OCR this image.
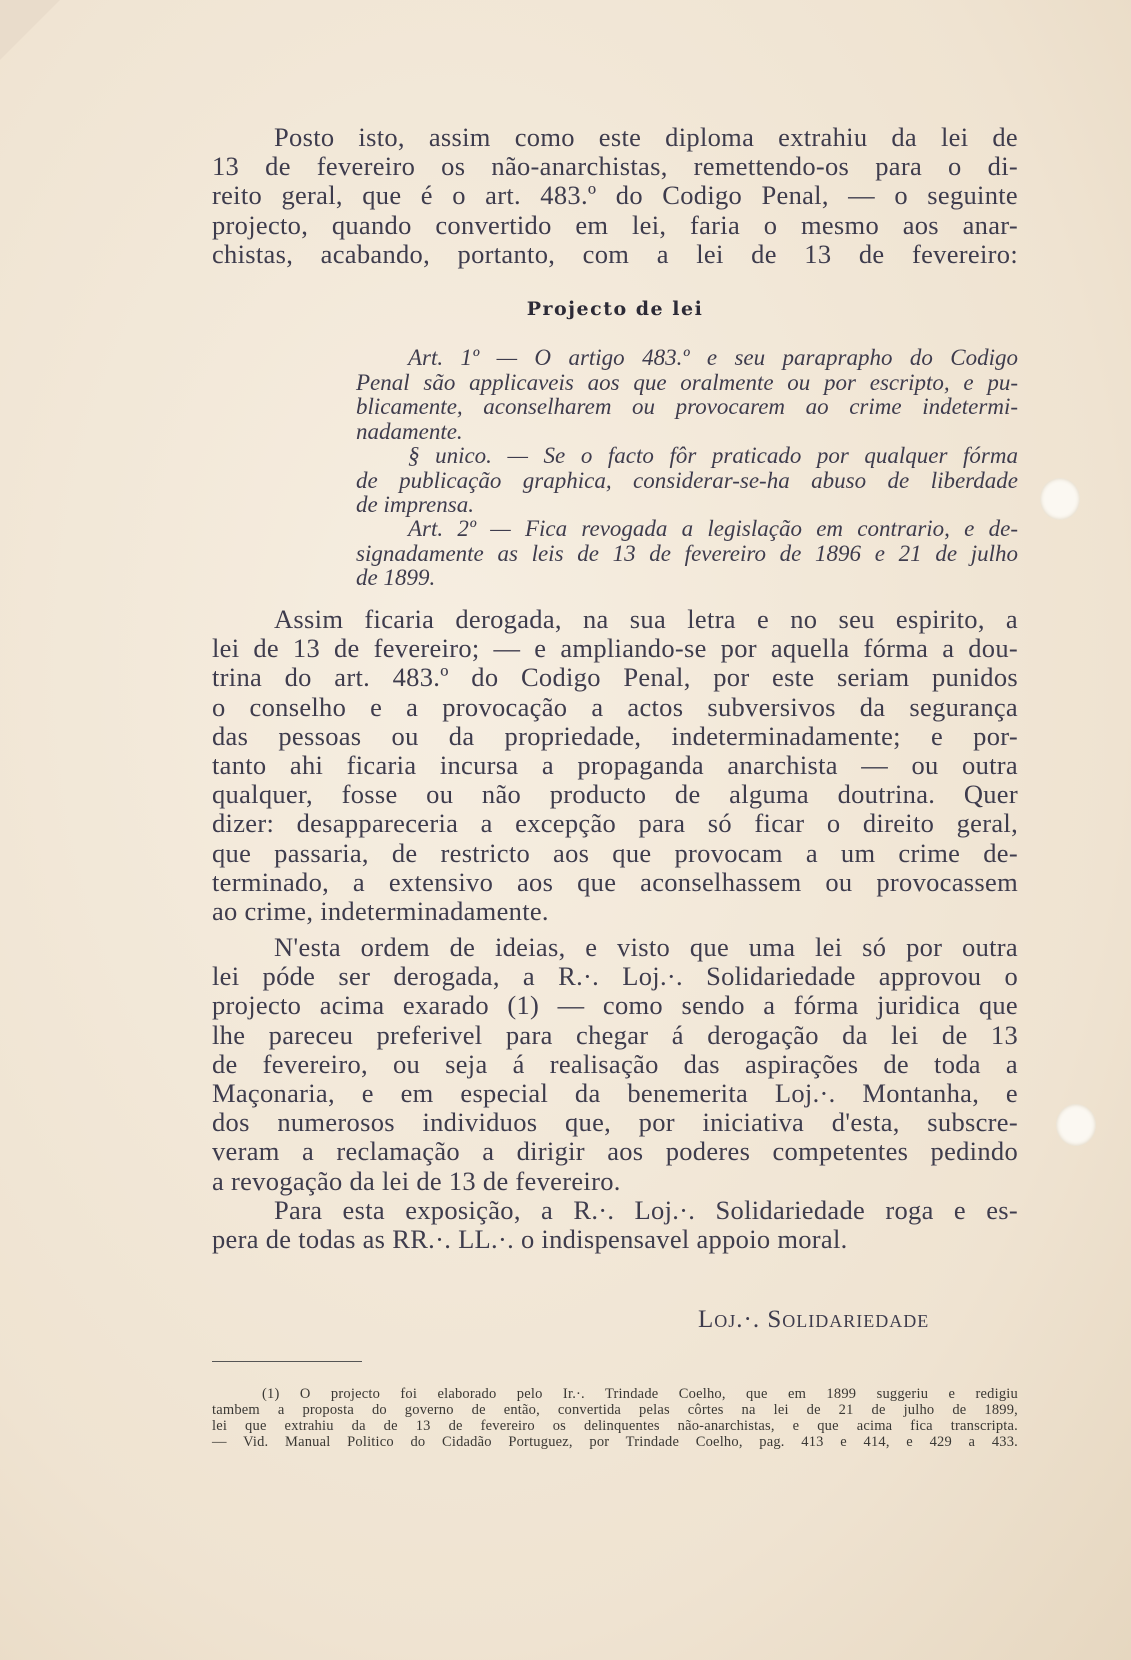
Posto isto, assim como este diploma extrahiu da lei de

13 de fevereiro os não-anarchistas, remettendo-os para o di-

reito geral, que é o art. 483.º do Codigo Penal, — o seguinte

projecto, quando convertido em lei, faria o mesmo aos anar-

chistas, acabando, portanto, com a lei de 13 de fevereiro:

Projecto de lei

Art. 1º — O artigo 483.º e seu paraprapho do Codigo

Penal são applicaveis aos que oralmente ou por escripto, e pu-

blicamente, aconselharem ou provocarem ao crime indetermi-

nadamente.

§ unico. — Se o facto fôr praticado por qualquer fórma

de publicação graphica, considerar-se-ha abuso de liberdade

de imprensa.

Art. 2º — Fica revogada a legislação em contrario, e de-

signadamente as leis de 13 de fevereiro de 1896 e 21 de julho

de 1899.

Assim ficaria derogada, na sua letra e no seu espirito, a

lei de 13 de fevereiro; — e ampliando-se por aquella fórma a dou-

trina do art. 483.º do Codigo Penal, por este seriam punidos

o conselho e a provocação a actos subversivos da segurança

das pessoas ou da propriedade, indeterminadamente; e por-

tanto ahi ficaria incursa a propaganda anarchista — ou outra

qualquer, fosse ou não producto de alguma doutrina. Quer

dizer: desappareceria a excepção para só ficar o direito geral,

que passaria, de restricto aos que provocam a um crime de-

terminado, a extensivo aos que aconselhassem ou provocassem

ao crime, indeterminadamente.

N'esta ordem de ideias, e visto que uma lei só por outra

lei póde ser derogada, a R.·. Loj.·. Solidariedade approvou o

projecto acima exarado (1) — como sendo a fórma juridica que

lhe pareceu preferivel para chegar á derogação da lei de 13

de fevereiro, ou seja á realisação das aspirações de toda a

Maçonaria, e em especial da benemerita Loj.·. Montanha, e

dos numerosos individuos que, por iniciativa d'esta, subscre-

veram a reclamação a dirigir aos poderes competentes pedindo

a revogação da lei de 13 de fevereiro.

Para esta exposição, a R.·. Loj.·. Solidariedade roga e es-

pera de todas as RR.·. LL.·. o indispensavel appoio moral.

Loj.·. Solidariedade

(1) O projecto foi elaborado pelo Ir.·. Trindade Coelho, que em 1899 suggeriu e redigiu

tambem a proposta do governo de então, convertida pelas côrtes na lei de 21 de julho de 1899,

lei que extrahiu da de 13 de fevereiro os delinquentes não-anarchistas, e que acima fica transcripta.

— Vid. Manual Politico do Cidadão Portuguez, por Trindade Coelho, pag. 413 e 414, e 429 a 433.
